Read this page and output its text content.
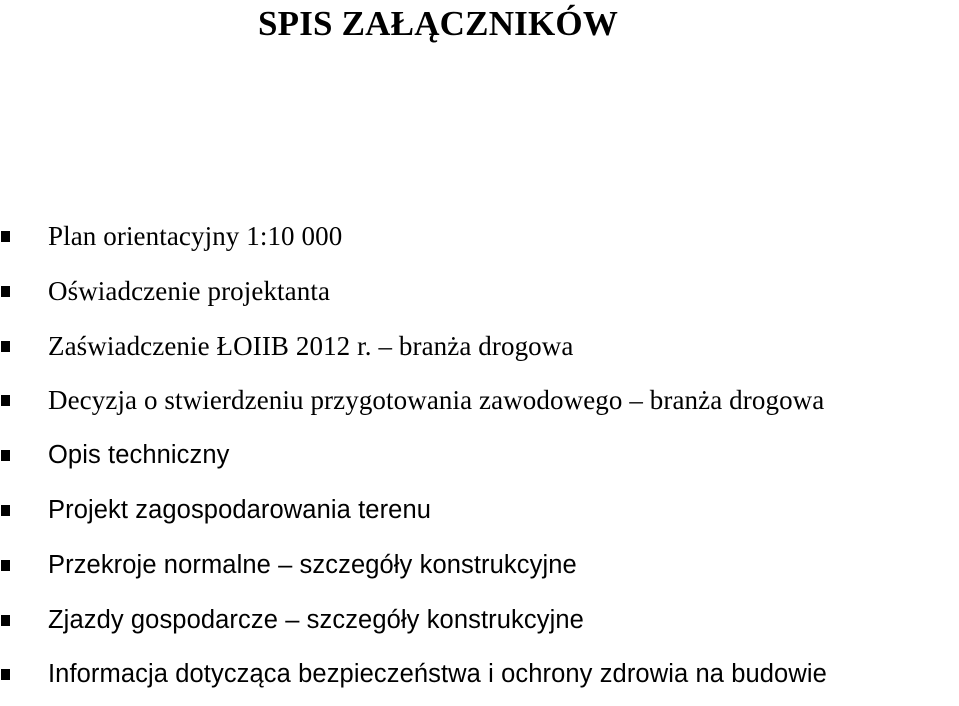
SPIS ZAŁĄCZNIKÓW
Plan orientacyjny 1:10 000
Oświadczenie projektanta
Zaświadczenie ŁOIIB 2012 r. – branża drogowa
Decyzja o stwierdzeniu przygotowania zawodowego – branża drogowa
Opis techniczny
Projekt zagospodarowania terenu
Przekroje normalne – szczegóły konstrukcyjne
Zjazdy gospodarcze – szczegóły konstrukcyjne
Informacja dotycząca bezpieczeństwa i ochrony zdrowia na budowie
